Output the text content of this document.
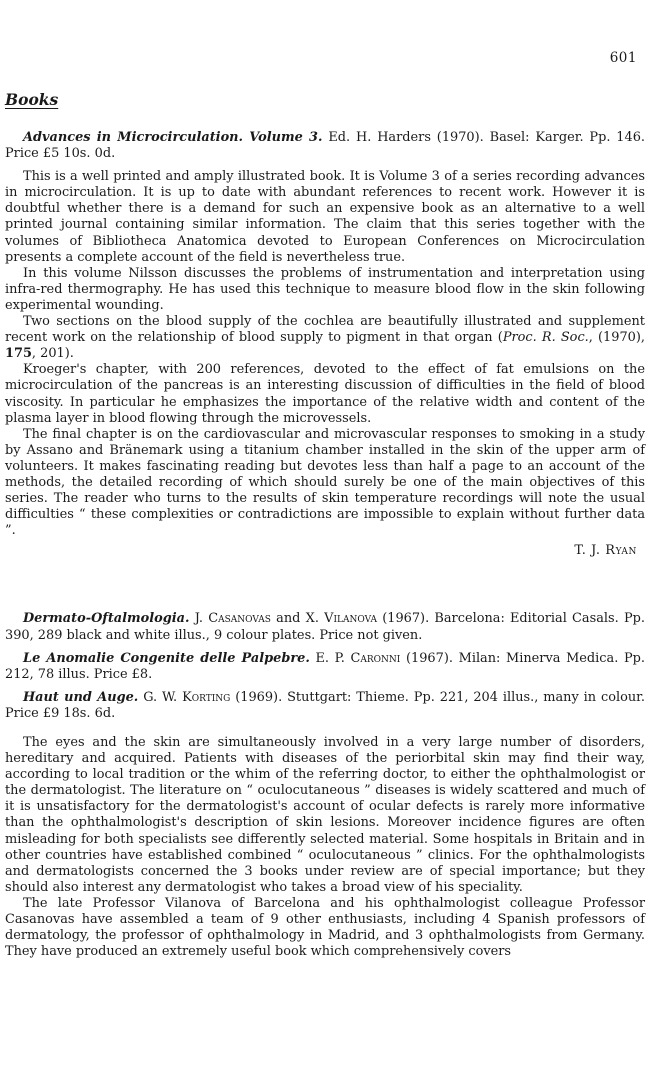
601
Books

Advances in Microcirculation. Volume 3. Ed. H. Harders (1970). Basel: Karger. Pp. 146. Price £5 10s. 0d.

This is a well printed and amply illustrated book. It is Volume 3 of a series recording advances in microcirculation. It is up to date with abundant references to recent work. However it is doubtful whether there is a demand for such an expensive book as an alternative to a well printed journal containing similar information. The claim that this series together with the volumes of Bibliotheca Anatomica devoted to European Conferences on Microcirculation presents a complete account of the field is nevertheless true.

In this volume Nilsson discusses the problems of instrumentation and interpretation using infra-red thermography. He has used this technique to measure blood flow in the skin following experimental wounding.

Two sections on the blood supply of the cochlea are beautifully illustrated and supplement recent work on the relationship of blood supply to pigment in that organ (Proc. R. Soc., (1970), 175, 201).

Kroeger's chapter, with 200 references, devoted to the effect of fat emulsions on the microcirculation of the pancreas is an interesting discussion of difficulties in the field of blood viscosity. In particular he emphasizes the importance of the relative width and content of the plasma layer in blood flowing through the microvessels.

The final chapter is on the cardiovascular and microvascular responses to smoking in a study by Assano and Bränemark using a titanium chamber installed in the skin of the upper arm of volunteers. It makes fascinating reading but devotes less than half a page to an account of the methods, the detailed recording of which should surely be one of the main objectives of this series. The reader who turns to the results of skin temperature recordings will note the usual difficulties “ these complexities or contradictions are impossible to explain without further data ”.

T. J. Ryan

Dermato-Oftalmologia. J. Casanovas and X. Vilanova (1967). Barcelona: Editorial Casals. Pp. 390, 289 black and white illus., 9 colour plates. Price not given.

Le Anomalie Congenite delle Palpebre. E. P. Caronni (1967). Milan: Minerva Medica. Pp. 212, 78 illus. Price £8.

Haut und Auge. G. W. Korting (1969). Stuttgart: Thieme. Pp. 221, 204 illus., many in colour. Price £9 18s. 6d.

The eyes and the skin are simultaneously involved in a very large number of disorders, hereditary and acquired. Patients with diseases of the periorbital skin may find their way, according to local tradition or the whim of the referring doctor, to either the ophthalmologist or the dermatologist. The literature on “ oculocutaneous ” diseases is widely scattered and much of it is unsatisfactory for the dermatologist's account of ocular defects is rarely more informative than the ophthalmologist's description of skin lesions. Moreover incidence figures are often misleading for both specialists see differently selected material. Some hospitals in Britain and in other countries have established combined “ oculocutaneous ” clinics. For the ophthalmologists and dermatologists concerned the 3 books under review are of special importance; but they should also interest any dermatologist who takes a broad view of his speciality.

The late Professor Vilanova of Barcelona and his ophthalmologist colleague Professor Casanovas have assembled a team of 9 other enthusiasts, including 4 Spanish professors of dermatology, the professor of ophthalmology in Madrid, and 3 ophthalmologists from Germany. They have produced an extremely useful book which comprehensively covers
